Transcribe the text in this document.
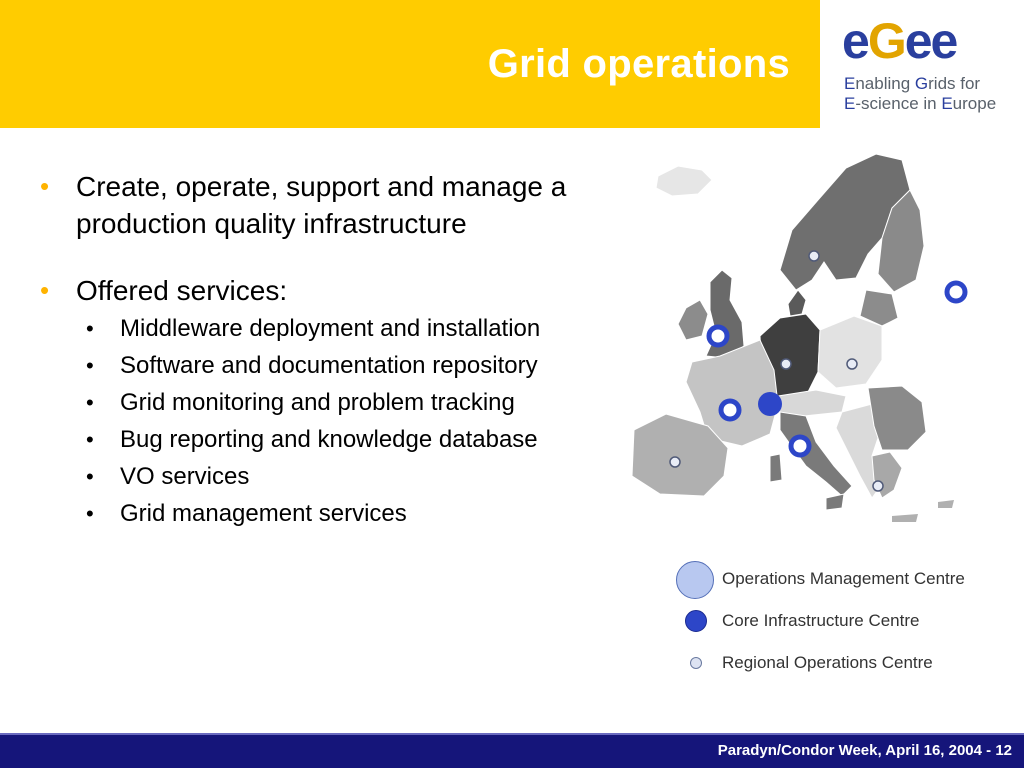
Grid operations eGee
Enabling Grids for
E-science in Europe
• Create, operate, support and manage a production quality infrastructure
• Offered services:
• Middleware deployment and installation
• Software and documentation repository
• Grid monitoring and problem tracking
• Bug reporting and knowledge database
• VO services
• Grid management services
Operations Management Centre
Core Infrastructure Centre
Regional Operations Centre
Paradyn/Condor Week, April 16, 2004 - 12
